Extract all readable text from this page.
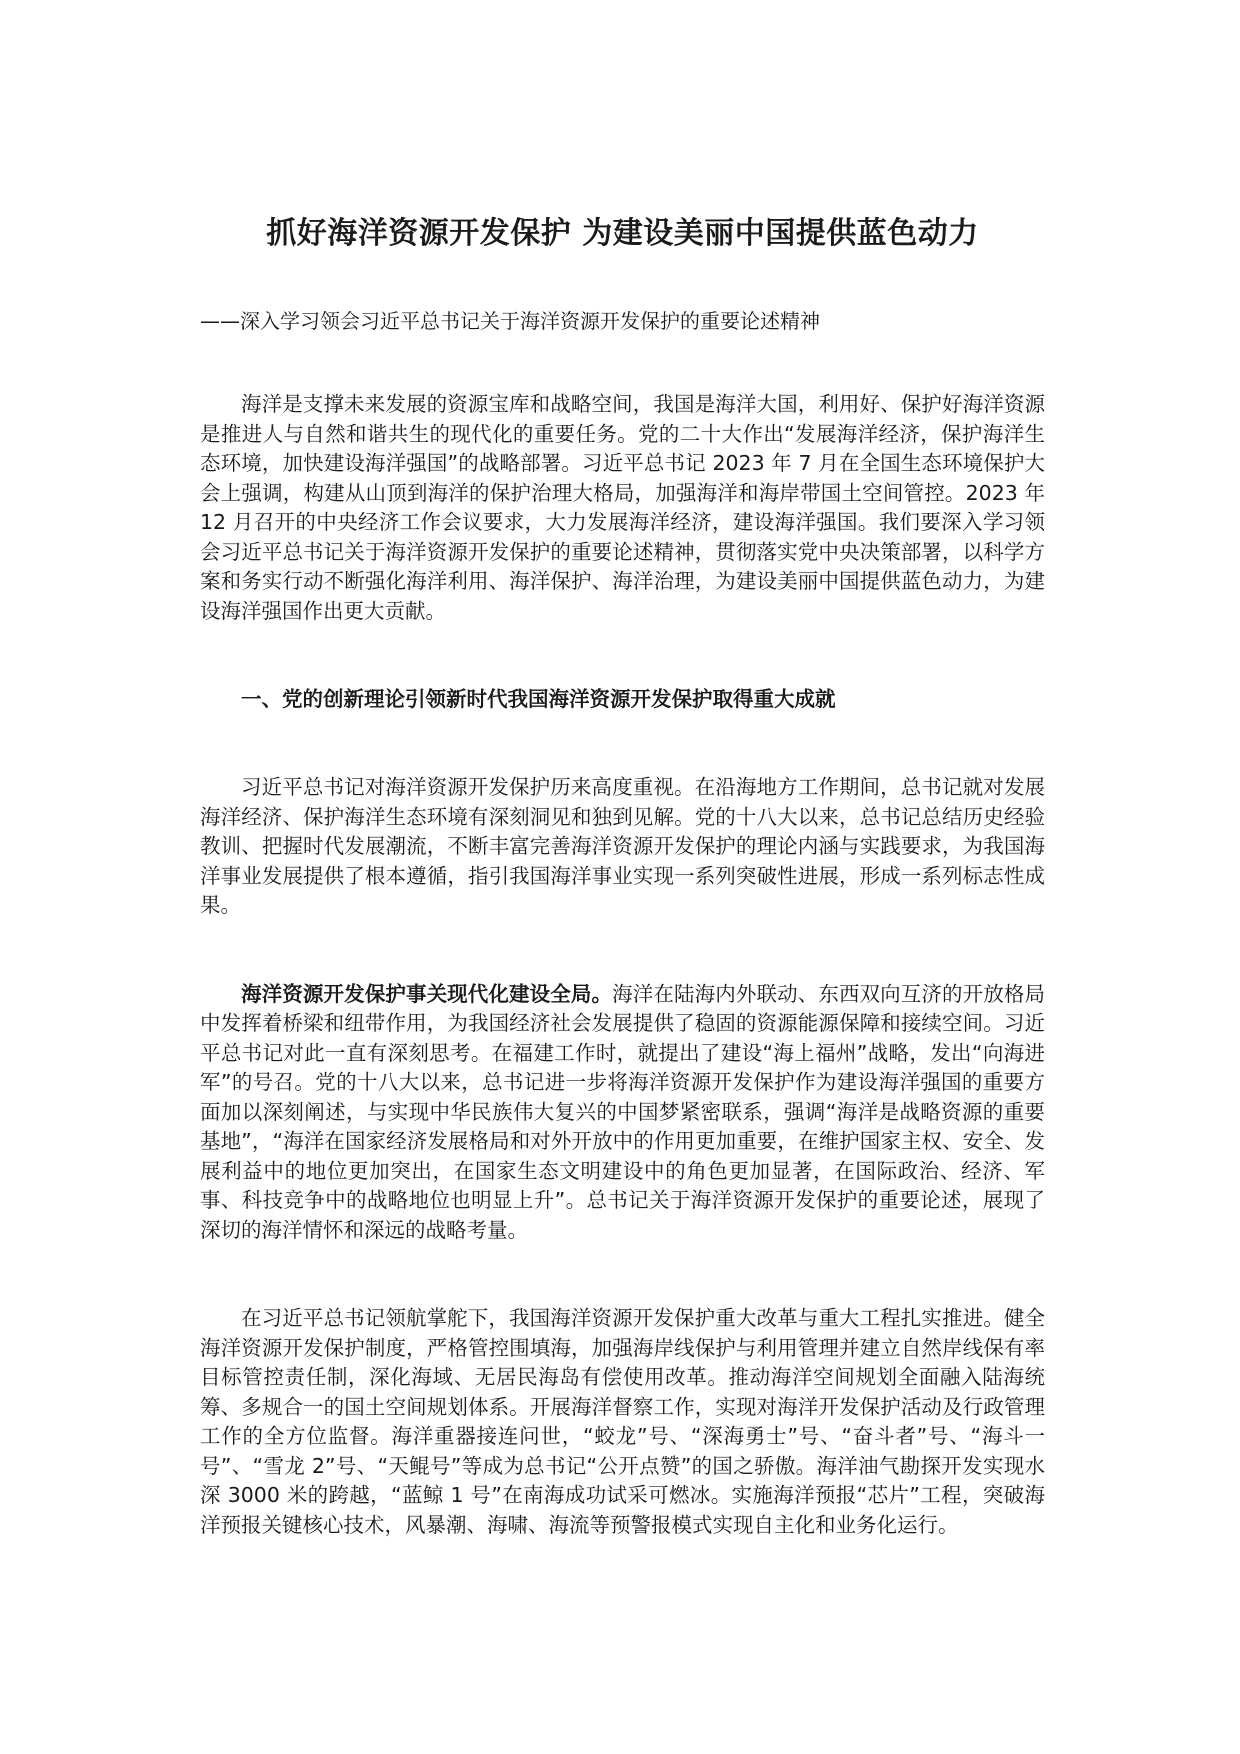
抓好海洋资源开发保护 为建设美丽中国提供蓝色动力

——深入学习领会习近平总书记关于海洋资源开发保护的重要论述精神

海洋是支撑未来发展的资源宝库和战略空间，我国是海洋大国，利用好、保护好海洋资源是推进人与自然和谐共生的现代化的重要任务。党的二十大作出“发展海洋经济，保护海洋生态环境，加快建设海洋强国”的战略部署。习近平总书记 2023 年 7 月在全国生态环境保护大会上强调，构建从山顶到海洋的保护治理大格局，加强海洋和海岸带国土空间管控。2023 年 12 月召开的中央经济工作会议要求，大力发展海洋经济，建设海洋强国。我们要深入学习领会习近平总书记关于海洋资源开发保护的重要论述精神，贯彻落实党中央决策部署，以科学方案和务实行动不断强化海洋利用、海洋保护、海洋治理，为建设美丽中国提供蓝色动力，为建设海洋强国作出更大贡献。

一、党的创新理论引领新时代我国海洋资源开发保护取得重大成就

习近平总书记对海洋资源开发保护历来高度重视。在沿海地方工作期间，总书记就对发展海洋经济、保护海洋生态环境有深刻洞见和独到见解。党的十八大以来，总书记总结历史经验教训、把握时代发展潮流，不断丰富完善海洋资源开发保护的理论内涵与实践要求，为我国海洋事业发展提供了根本遵循，指引我国海洋事业实现一系列突破性进展，形成一系列标志性成果。

海洋资源开发保护事关现代化建设全局。海洋在陆海内外联动、东西双向互济的开放格局中发挥着桥梁和纽带作用，为我国经济社会发展提供了稳固的资源能源保障和接续空间。习近平总书记对此一直有深刻思考。在福建工作时，就提出了建设“海上福州”战略，发出“向海进军”的号召。党的十八大以来，总书记进一步将海洋资源开发保护作为建设海洋强国的重要方面加以深刻阐述，与实现中华民族伟大复兴的中国梦紧密联系，强调“海洋是战略资源的重要基地”，“海洋在国家经济发展格局和对外开放中的作用更加重要，在维护国家主权、安全、发展利益中的地位更加突出，在国家生态文明建设中的角色更加显著，在国际政治、经济、军事、科技竞争中的战略地位也明显上升”。总书记关于海洋资源开发保护的重要论述，展现了深切的海洋情怀和深远的战略考量。

在习近平总书记领航掌舵下，我国海洋资源开发保护重大改革与重大工程扎实推进。健全海洋资源开发保护制度，严格管控围填海，加强海岸线保护与利用管理并建立自然岸线保有率目标管控责任制，深化海域、无居民海岛有偿使用改革。推动海洋空间规划全面融入陆海统筹、多规合一的国土空间规划体系。开展海洋督察工作，实现对海洋开发保护活动及行政管理工作的全方位监督。海洋重器接连问世，“蛟龙”号、“深海勇士”号、“奋斗者”号、“海斗一号”、“雪龙 2”号、“天鲲号”等成为总书记“公开点赞”的国之骄傲。海洋油气勘探开发实现水深 3000 米的跨越，“蓝鲸 1 号”在南海成功试采可燃冰。实施海洋预报“芯片”工程，突破海洋预报关键核心技术，风暴潮、海啸、海流等预警报模式实现自主化和业务化运行。
